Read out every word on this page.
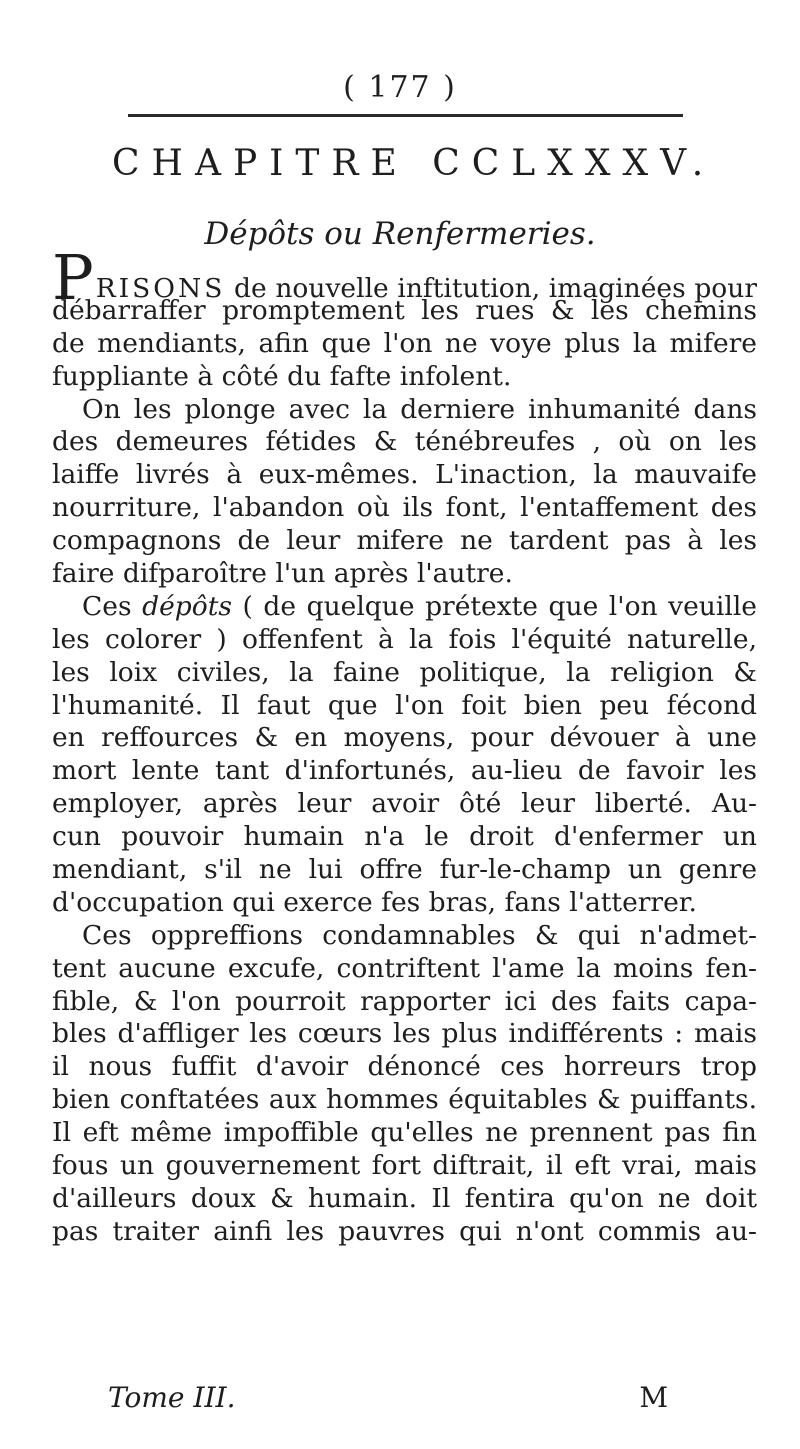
( 177 )
CHAPITRE CCLXXXV.
Dépôts ou Renfermeries.
PRISONS de nouvelle inftitution, imaginées pour
débarraffer promptement les rues & les chemins
de mendiants, afin que l'on ne voye plus la mifere
fuppliante à côté du fafte infolent.
On les plonge avec la derniere inhumanité dans
des demeures fétides & ténébreufes , où on les
laiffe livrés à eux-mêmes. L'inaction, la mauvaife
nourriture, l'abandon où ils font, l'entaffement des
compagnons de leur mifere ne tardent pas à les
faire difparoître l'un après l'autre.
Ces dépôts ( de quelque prétexte que l'on veuille
les colorer ) offenfent à la fois l'équité naturelle,
les loix civiles, la faine politique, la religion &
l'humanité. Il faut que l'on foit bien peu fécond
en reffources & en moyens, pour dévouer à une
mort lente tant d'infortunés, au-lieu de favoir les
employer, après leur avoir ôté leur liberté. Au-
cun pouvoir humain n'a le droit d'enfermer un
mendiant, s'il ne lui offre fur-le-champ un genre
d'occupation qui exerce fes bras, fans l'atterrer.
Ces oppreffions condamnables & qui n'admet-
tent aucune excufe, contriftent l'ame la moins fen-
fible, & l'on pourroit rapporter ici des faits capa-
bles d'affliger les cœurs les plus indifférents : mais
il nous fuffit d'avoir dénoncé ces horreurs trop
bien conftatées aux hommes équitables & puiffants.
Il eft même impoffible qu'elles ne prennent pas fin
fous un gouvernement fort diftrait, il eft vrai, mais
d'ailleurs doux & humain. Il fentira qu'on ne doit
pas traiter ainfi les pauvres qui n'ont commis au-
Tome III.	M
